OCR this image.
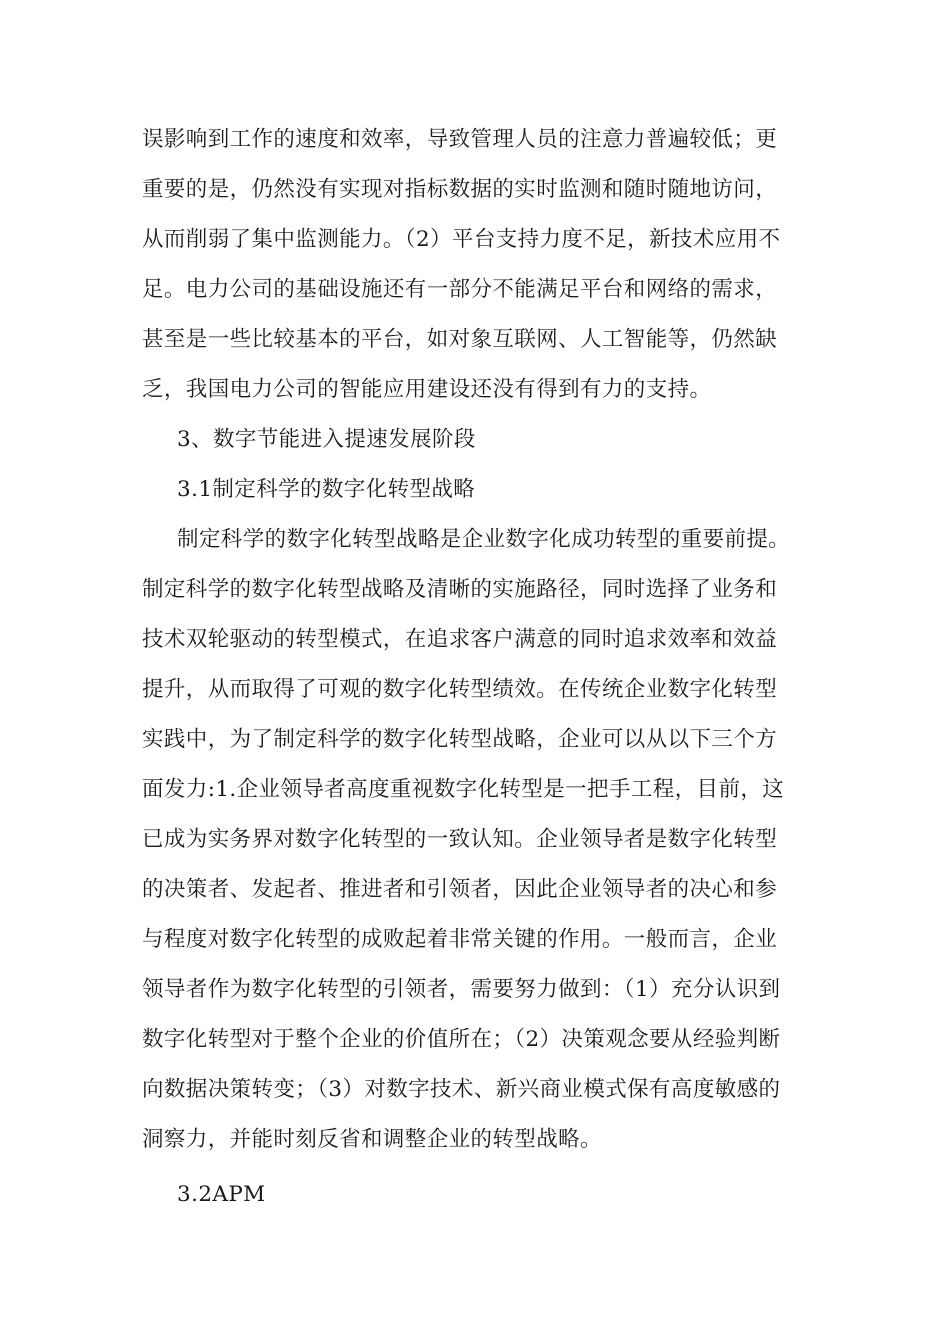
误影响到工作的速度和效率，导致管理人员的注意力普遍较低；更

重要的是，仍然没有实现对指标数据的实时监测和随时随地访问，

从而削弱了集中监测能力。（2）平台支持力度不足，新技术应用不

足。电力公司的基础设施还有一部分不能满足平台和网络的需求，

甚至是一些比较基本的平台，如对象互联网、人工智能等，仍然缺

乏，我国电力公司的智能应用建设还没有得到有力的支持。

3、数字节能进入提速发展阶段

3.1制定科学的数字化转型战略

制定科学的数字化转型战略是企业数字化成功转型的重要前提。

制定科学的数字化转型战略及清晰的实施路径，同时选择了业务和

技术双轮驱动的转型模式，在追求客户满意的同时追求效率和效益

提升，从而取得了可观的数字化转型绩效。在传统企业数字化转型

实践中，为了制定科学的数字化转型战略，企业可以从以下三个方

面发力:1.企业领导者高度重视数字化转型是一把手工程，目前，这

已成为实务界对数字化转型的一致认知。企业领导者是数字化转型

的决策者、发起者、推进者和引领者，因此企业领导者的决心和参

与程度对数字化转型的成败起着非常关键的作用。一般而言，企业

领导者作为数字化转型的引领者，需要努力做到：（1）充分认识到

数字化转型对于整个企业的价值所在；（2）决策观念要从经验判断

向数据决策转变；（3）对数字技术、新兴商业模式保有高度敏感的

洞察力，并能时刻反省和调整企业的转型战略。

3.2APM
